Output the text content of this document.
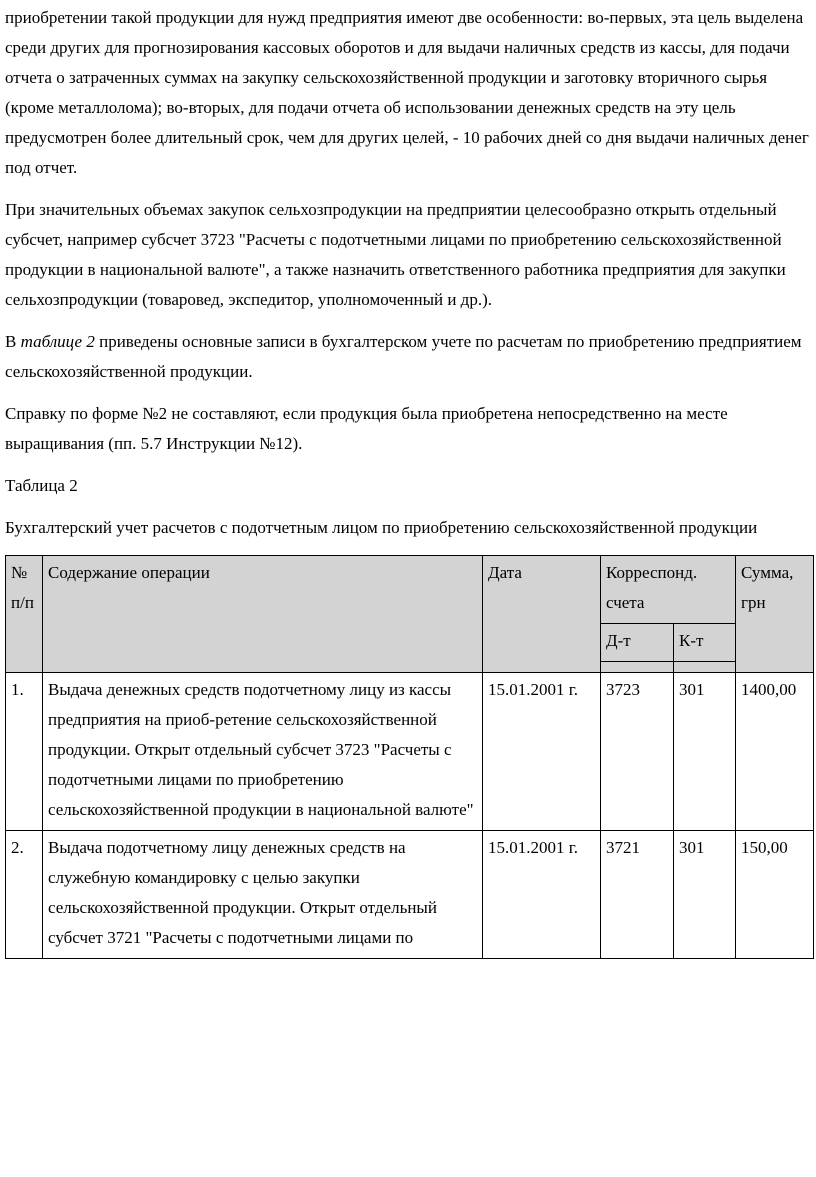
приобретении такой продукции для нужд предприятия имеют две особенности: во-первых, эта цель выделена среди других для прогнозирования кассовых оборотов и для выдачи наличных средств из кассы, для подачи отчета о затраченных суммах на закупку сельскохозяйственной продукции и заготовку вторичного сырья (кроме металлолома); во-вторых, для подачи отчета об использовании денежных средств на эту цель предусмотрен более длительный срок, чем для других целей, - 10 рабочих дней со дня выдачи наличных денег под отчет.

При значительных объемах закупок сельхозпродукции на предприятии целесообразно открыть отдельный субсчет, например субсчет 3723 "Расчеты с подотчетными лицами по приобретению сельскохозяйственной продукции в национальной валюте", а также назначить ответственного работника предприятия для закупки сельхозпродукции (товаровед, экспедитор, уполномоченный и др.).

В таблице 2 приведены основные записи в бухгалтерском учете по расчетам по приобретению предприятием сельскохозяйственной продукции.

Справку по форме №2 не составляют, если продукция была приобретена непосредственно на месте выращивания (пп. 5.7 Инструкции №12).

Таблица 2

Бухгалтерский учет расчетов с подотчетным лицом по приобретению сельскохозяйственной продукции

№ п/п	Содержание операции	Дата	Корреспонд. счета		Сумма, грн
			Д-т	К-т	

1.	Выдача денежных средств подотчетному лицу из кассы предприятия на приоб-ретение сельскохозяйственной продукции. Открыт отдельный субсчет 3723 "Расчеты с подотчетными лицами по приобретению сельскохозяйственной продукции в национальной валюте"	15.01.2001 г.	3723	301	1400,00
2.	Выдача подотчетному лицу денежных средств на служебную командировку с целью закупки сельскохозяйственной продукции. Открыт отдельный субсчет 3721 "Расчеты с подотчетными лицами по	15.01.2001 г.	3721	301	150,00
